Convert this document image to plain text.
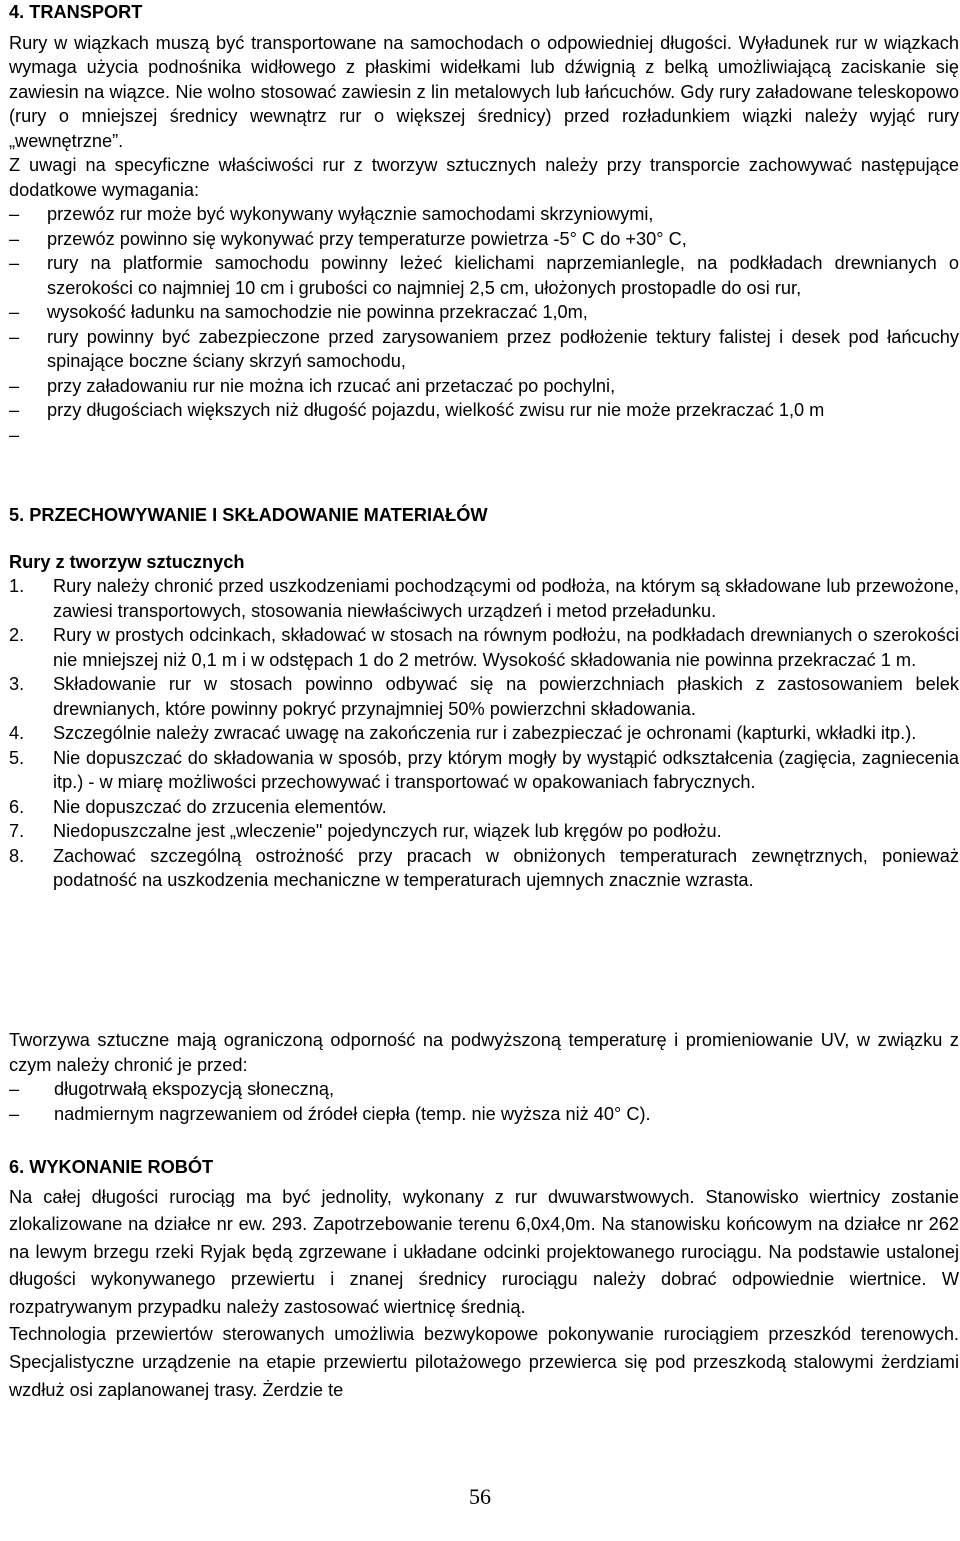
4. TRANSPORT

Rury w wiązkach muszą być transportowane na samochodach o odpowiedniej długości. Wyładunek rur w wiązkach wymaga użycia podnośnika widłowego z płaskimi widełkami lub dźwignią z belką umożliwiającą zaciskanie się zawiesin na wiązce. Nie wolno stosować zawiesin z lin metalowych lub łańcuchów. Gdy rury załadowane teleskopowo (rury o mniejszej średnicy wewnątrz rur o większej średnicy) przed rozładunkiem wiązki należy wyjąć rury „wewnętrzne”.

Z uwagi na specyficzne właściwości rur z tworzyw sztucznych należy przy transporcie zachowywać następujące dodatkowe wymagania:

– przewóz rur może być wykonywany wyłącznie samochodami skrzyniowymi,
– przewóz powinno się wykonywać przy temperaturze powietrza -5° C do +30° C,
– rury na platformie samochodu powinny leżeć kielichami naprzemianlegle, na podkładach drewnianych o szerokości co najmniej 10 cm i grubości co najmniej 2,5 cm, ułożonych prostopadle do osi rur,
– wysokość ładunku na samochodzie nie powinna przekraczać 1,0m,
– rury powinny być zabezpieczone przed zarysowaniem przez podłożenie tektury falistej i desek pod łańcuchy spinające boczne ściany skrzyń samochodu,
– przy załadowaniu rur nie można ich rzucać ani przetaczać po pochylni,
– przy długościach większych niż długość pojazdu, wielkość zwisu rur nie może przekraczać 1,0 m
–
5. PRZECHOWYWANIE I SKŁADOWANIE MATERIAŁÓW
Rury z tworzyw sztucznych
1. Rury należy chronić przed uszkodzeniami pochodzącymi od podłoża, na którym są składowane lub przewożone, zawiesi transportowych, stosowania niewłaściwych urządzeń i metod przeładunku.
2. Rury w prostych odcinkach, składować w stosach na równym podłożu, na podkładach drewnianych o szerokości nie mniejszej niż 0,1 m i w odstępach 1 do 2 metrów. Wysokość składowania nie powinna przekraczać 1 m.
3. Składowanie rur w stosach powinno odbywać się na powierzchniach płaskich z zastosowaniem belek drewnianych, które powinny pokryć przynajmniej 50% powierzchni składowania.
4. Szczególnie należy zwracać uwagę na zakończenia rur i zabezpieczać je ochronami (kapturki, wkładki itp.).
5. Nie dopuszczać do składowania w sposób, przy którym mogły by wystąpić odkształcenia (zagięcia, zagniecenia itp.) - w miarę możliwości przechowywać i transportować w opakowaniach fabrycznych.
6. Nie dopuszczać do zrzucenia elementów.
7. Niedopuszczalne jest „wleczenie" pojedynczych rur, wiązek lub kręgów po podłożu.
8. Zachować szczególną ostrożność przy pracach w obniżonych temperaturach zewnętrznych, ponieważ podatność na uszkodzenia mechaniczne w temperaturach ujemnych znacznie wzrasta.

Tworzywa sztuczne mają ograniczoną odporność na podwyższoną temperaturę i promieniowanie UV, w związku z czym należy chronić je przed:

– długotrwałą ekspozycją słoneczną,
– nadmiernym nagrzewaniem od źródeł ciepła (temp. nie wyższa niż 40° C).
6. WYKONANIE ROBÓT

Na całej długości rurociąg ma być jednolity, wykonany z rur dwuwarstwowych. Stanowisko wiertnicy zostanie zlokalizowane na działce nr ew. 293. Zapotrzebowanie terenu 6,0x4,0m. Na stanowisku końcowym na działce nr 262 na lewym brzegu rzeki Ryjak będą zgrzewane i układane odcinki projektowanego rurociągu. Na podstawie ustalonej długości wykonywanego przewiertu i znanej średnicy rurociągu należy dobrać odpowiednie wiertnice. W rozpatrywanym przypadku należy zastosować wiertnicę średnią.

Technologia przewiertów sterowanych umożliwia bezwykopowe pokonywanie rurociągiem przeszkód terenowych. Specjalistyczne urządzenie na etapie przewiertu pilotażowego przewierca się pod przeszkodą stalowymi żerdziami wzdłuż osi zaplanowanej trasy. Żerdzie te

56
